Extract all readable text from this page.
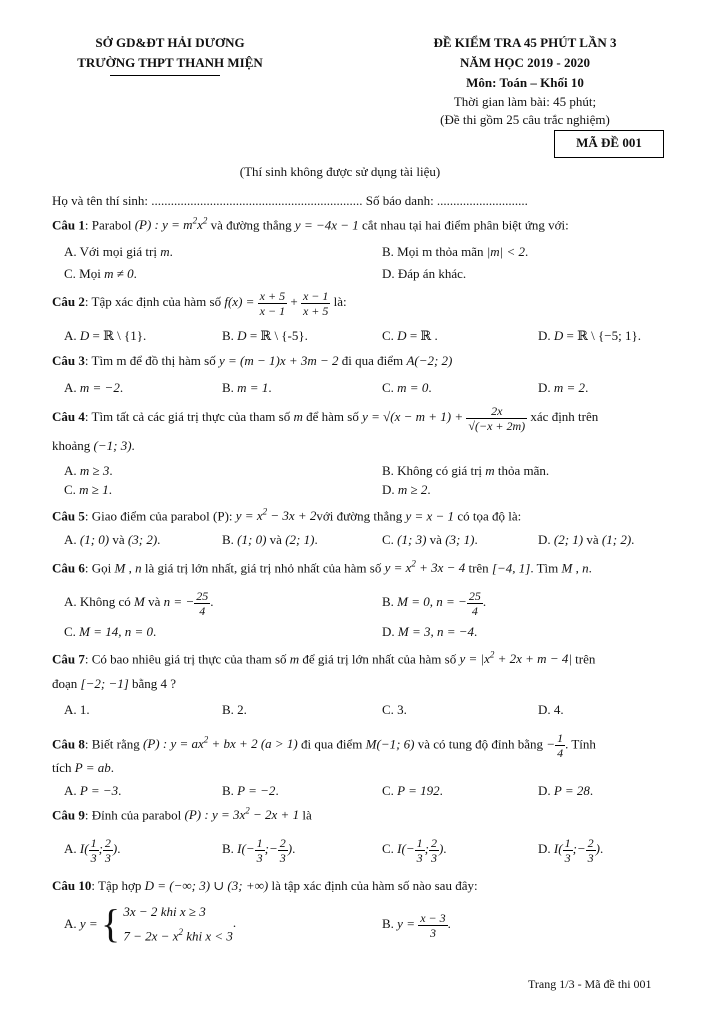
SỞ GD&ĐT HẢI DƯƠNG
TRƯỜNG THPT THANH MIỆN
ĐỀ KIỂM TRA 45 PHÚT LẦN 3
NĂM HỌC 2019 - 2020
Môn: Toán – Khối 10
Thời gian làm bài: 45 phút;
(Đề thi gồm 25 câu trắc nghiệm)
MÃ ĐỀ 001
(Thí sinh không được sử dụng tài liệu)
Họ và tên thí sinh: ................................................................. Số báo danh: ............................
Câu 1: Parabol (P) : $y = m^2x^2$ và đường thẳng y = −4x − 1 cắt nhau tại hai điểm phân biệt ứng với:
A. Với mọi giá trị m.	B. Mọi m thỏa mãn |m| < 2.
C. Mọi m ≠ 0.	D. Đáp án khác.
Câu 2: Tập xác định của hàm số $f(x) = \frac{x + 5}{x - 1} + \frac{x - 1}{x + 5}$ là:
A. D = ℝ \ {1}.	B. D = ℝ \ {-5}.	C. D = ℝ .	D. D = ℝ \ {−5; 1}.
Câu 3: Tìm m để đồ thị hàm số y = (m − 1)x + 3m − 2 đi qua điểm A(−2; 2)
A. m = −2.	B. m = 1.	C. m = 0.	D. m = 2.
Câu 4: Tìm tất cả các giá trị thực của tham số m để hàm số $y = √(x - m + 1) + \frac{2x}{√(-x + 2m)}$ xác định trên
khoảng (−1; 3).
A. m ≥ 3.	B. Không có giá trị m thỏa mãn.
C. m ≥ 1.	D. m ≥ 2.
Câu 5: Giao điểm của parabol (P): $y = x^2 - 3x$ + 2với đường thẳng y = x − 1 có tọa độ là:
A. (1; 0) và (3; 2).	B. (1; 0) và (2; 1).	C. (1; 3) và (3; 1).	D. (2; 1) và (1; 2).
Câu 6: Gọi M , n là giá trị lớn nhất, giá trị nhỏ nhất của hàm số $y = x^2 + 3x - 4$ trên [−4, 1]. Tìm M , n.
A. Không có M và n = − $\frac{25}{4}$ .	B. M = 0, n = − $\frac{25}{4}$ .
C. M = 14, n = 0.	D. M = 3, n = −4.
Câu 7: Có bao nhiêu giá trị thực của tham số m để giá trị lớn nhất của hàm số $y = |x^2 + 2x + m - 4|$ trên
đoạn [−2; −1] bằng 4 ?
A. 1.	B. 2.	C. 3.	D. 4.
Câu 8: Biết rằng (P) : $y = ax^2$ + bx + 2 (a > 1) đi qua điểm M(−1; 6) và có tung độ đỉnh bằng − $\frac{1}{4}$ . Tính
tích P = ab.
A. P = −3.	B. P = −2.	C. P = 192.	D. P = 28.
Câu 9: Đỉnh của parabol (P) : $y = 3x^2 - 2x + 1$ là
A. $I( \frac{1}{3}$ ; $\frac{2}{3}$ ).	B. $I(- \frac{1}{3}$ ;− $\frac{2}{3}$ ).	C. $I(- \frac{1}{3}$ ; $\frac{2}{3}$ ).	D. $I( \frac{1}{3}$ ;− $\frac{2}{3}$ ).
Câu 10: Tập hợp D = (−∞; 3) ∪ (3; +∞) là tập xác định của hàm số nào sau đây:
A. y = { 3x − 2 khi x ≥ 3
$7 - 2x - x^2$ khi x < 3.	B. $y = \frac{x - 3}{3}$ .
Trang 1/3 - Mã đề thi 001
